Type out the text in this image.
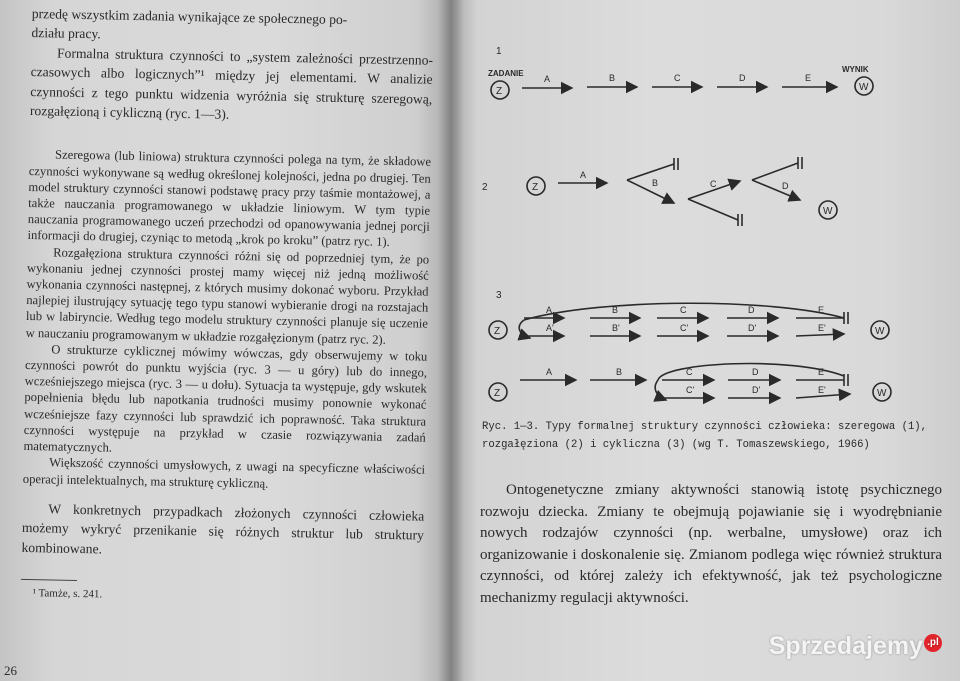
przedę wszystkim zadania wynikające ze społecznego po-

działu pracy.

Formalna struktura czynności to „system zależności przestrzenno-czasowych albo logicznych”¹ między jej elementami. W analizie czynności z tego punktu widzenia wyróżnia się strukturę szeregową, rozgałęzioną i cykliczną (ryc. 1—3).

Szeregowa (lub liniowa) struktura czynności polega na tym, że składowe czynności wykonywane są według określonej kolejności, jedna po drugiej. Ten model struktury czynności stanowi podstawę pracy przy taśmie montażowej, a także nauczania programowanego w układzie liniowym. W tym typie nauczania programowanego uczeń przechodzi od opanowywania jednej porcji informacji do drugiej, czyniąc to metodą „krok po kroku” (patrz ryc. 1).

Rozgałęziona struktura czynności różni się od poprzedniej tym, że po wykonaniu jednej czynności prostej mamy więcej niż jedną możliwość wykonania czynności następnej, z których musimy dokonać wyboru. Przykład najlepiej ilustrujący sytuację tego typu stanowi wybieranie drogi na rozstajach lub w labiryncie. Według tego modelu struktury czynności planuje się uczenie w nauczaniu programowanym w układzie rozgałęzionym (patrz ryc. 2).

O strukturze cyklicznej mówimy wówczas, gdy obserwujemy w toku czynności powrót do punktu wyjścia (ryc. 3 — u góry) lub do innego, wcześniejszego miejsca (ryc. 3 — u dołu). Sytuacja ta występuje, gdy wskutek popełnienia błędu lub napotkania trudności musimy ponownie wykonać wcześniejsze fazy czynności lub sprawdzić ich poprawność. Taka struktura czynności występuje na przykład w czasie rozwiązywania zadań matematycznych.

Większość czynności umysłowych, z uwagi na specyficzne właściwości operacji intelektualnych, ma strukturę cykliczną.

W konkretnych przypadkach złożonych czynności człowieka możemy wykryć przenikanie się różnych struktur lub struktury kombinowane.

¹ Tamże, s. 241.
26
1
ZADANIE	WYNIK
Z	W
A	B	C	D	E
2	Z
A
B	C	D
W
3
Z	W
A	B	C	D	E
A'	B'	C'	D'	E'
Z	W
A	B	C	D	E
C'	D'	E'
Ryc. 1—3. Typy formalnej struktury czynności człowieka: szeregowa (1), rozgałęziona (2) i cykliczna (3) (wg T. Tomaszewskiego, 1966)

Ontogenetyczne zmiany aktywności stanowią istotę psychicznego rozwoju dziecka. Zmiany te obejmują pojawianie się i wyodrębnianie nowych rodzajów czynności (np. werbalne, umysłowe) oraz ich organizowanie i doskonalenie się. Zmianom podlega więc również struktura czynności, od której zależy ich efektywność, jak też psychologiczne mechanizmy regulacji aktywności.

Sprzedajemy .pl
